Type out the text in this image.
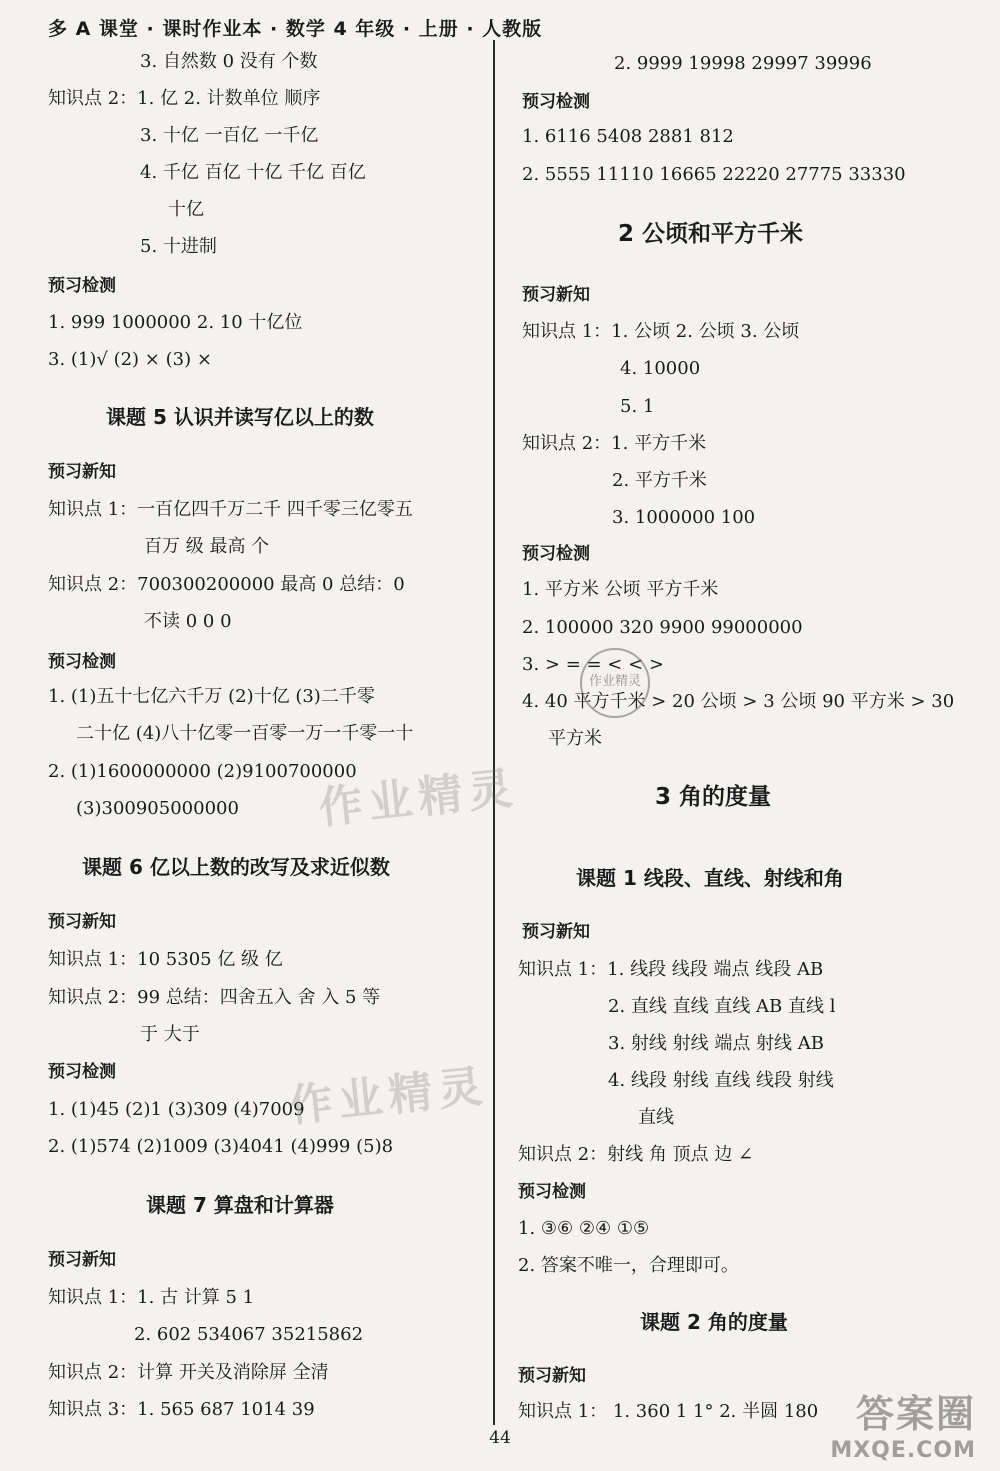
多 A 课堂 · 课时作业本 · 数学 4 年级 · 上册 · 人教版
3. 自然数 0 没有 个数
知识点 2：1. 亿 2. 计数单位 顺序
3. 十亿 一百亿 一千亿
4. 千亿 百亿 十亿 千亿 百亿
十亿
5. 十进制
预习检测
1. 999 1000000 2. 10 十亿位
3. (1)√ (2) × (3) ×
课题 5 认识并读写亿以上的数
预习新知
知识点 1：一百亿四千万二千 四千零三亿零五
百万 级 最高 个
知识点 2：700300200000 最高 0 总结：0
不读 0 0 0
预习检测
1. (1)五十七亿六千万 (2)十亿 (3)二千零
二十亿 (4)八十亿零一百零一万一千零一十
2. (1)1600000000 (2)9100700000
(3)300905000000
课题 6 亿以上数的改写及求近似数
预习新知
知识点 1：10 5305 亿 级 亿
知识点 2：99 总结：四舍五入 舍 入 5 等
于 大于
预习检测
1. (1)45 (2)1 (3)309 (4)7009
2. (1)574 (2)1009 (3)4041 (4)999 (5)8
课题 7 算盘和计算器
预习新知
知识点 1：1. 古 计算 5 1
2. 602 534067 35215862
知识点 2：计算 开关及消除屏 全清
知识点 3：1. 565 687 1014 39
2. 9999 19998 29997 39996
预习检测
1. 6116 5408 2881 812
2. 5555 11110 16665 22220 27775 33330
2 公顷和平方千米
预习新知
知识点 1：1. 公顷 2. 公顷 3. 公顷
4. 10000
5. 1
知识点 2：1. 平方千米
2. 平方千米
3. 1000000 100
预习检测
1. 平方米 公顷 平方千米
2. 100000 320 9900 99000000
3. > = = < < >
4. 40 平方千米 > 20 公顷 > 3 公顷 90 平方米 > 30
平方米
3 角的度量
课题 1 线段、直线、射线和角
预习新知
知识点 1：1. 线段 线段 端点 线段 AB
2. 直线 直线 直线 AB 直线 l
3. 射线 射线 端点 射线 AB
4. 线段 射线 直线 线段 射线
直线
知识点 2：射线 角 顶点 边 ∠
预习检测
1. ③⑥ ②④ ①⑤
2. 答案不唯一，合理即可。
课题 2 角的度量
预习新知
知识点 1： 1. 360 1 1° 2. 半圆 180
作业精灵
作业精灵
作业精灵
44
答案圈
MXQE.COM
